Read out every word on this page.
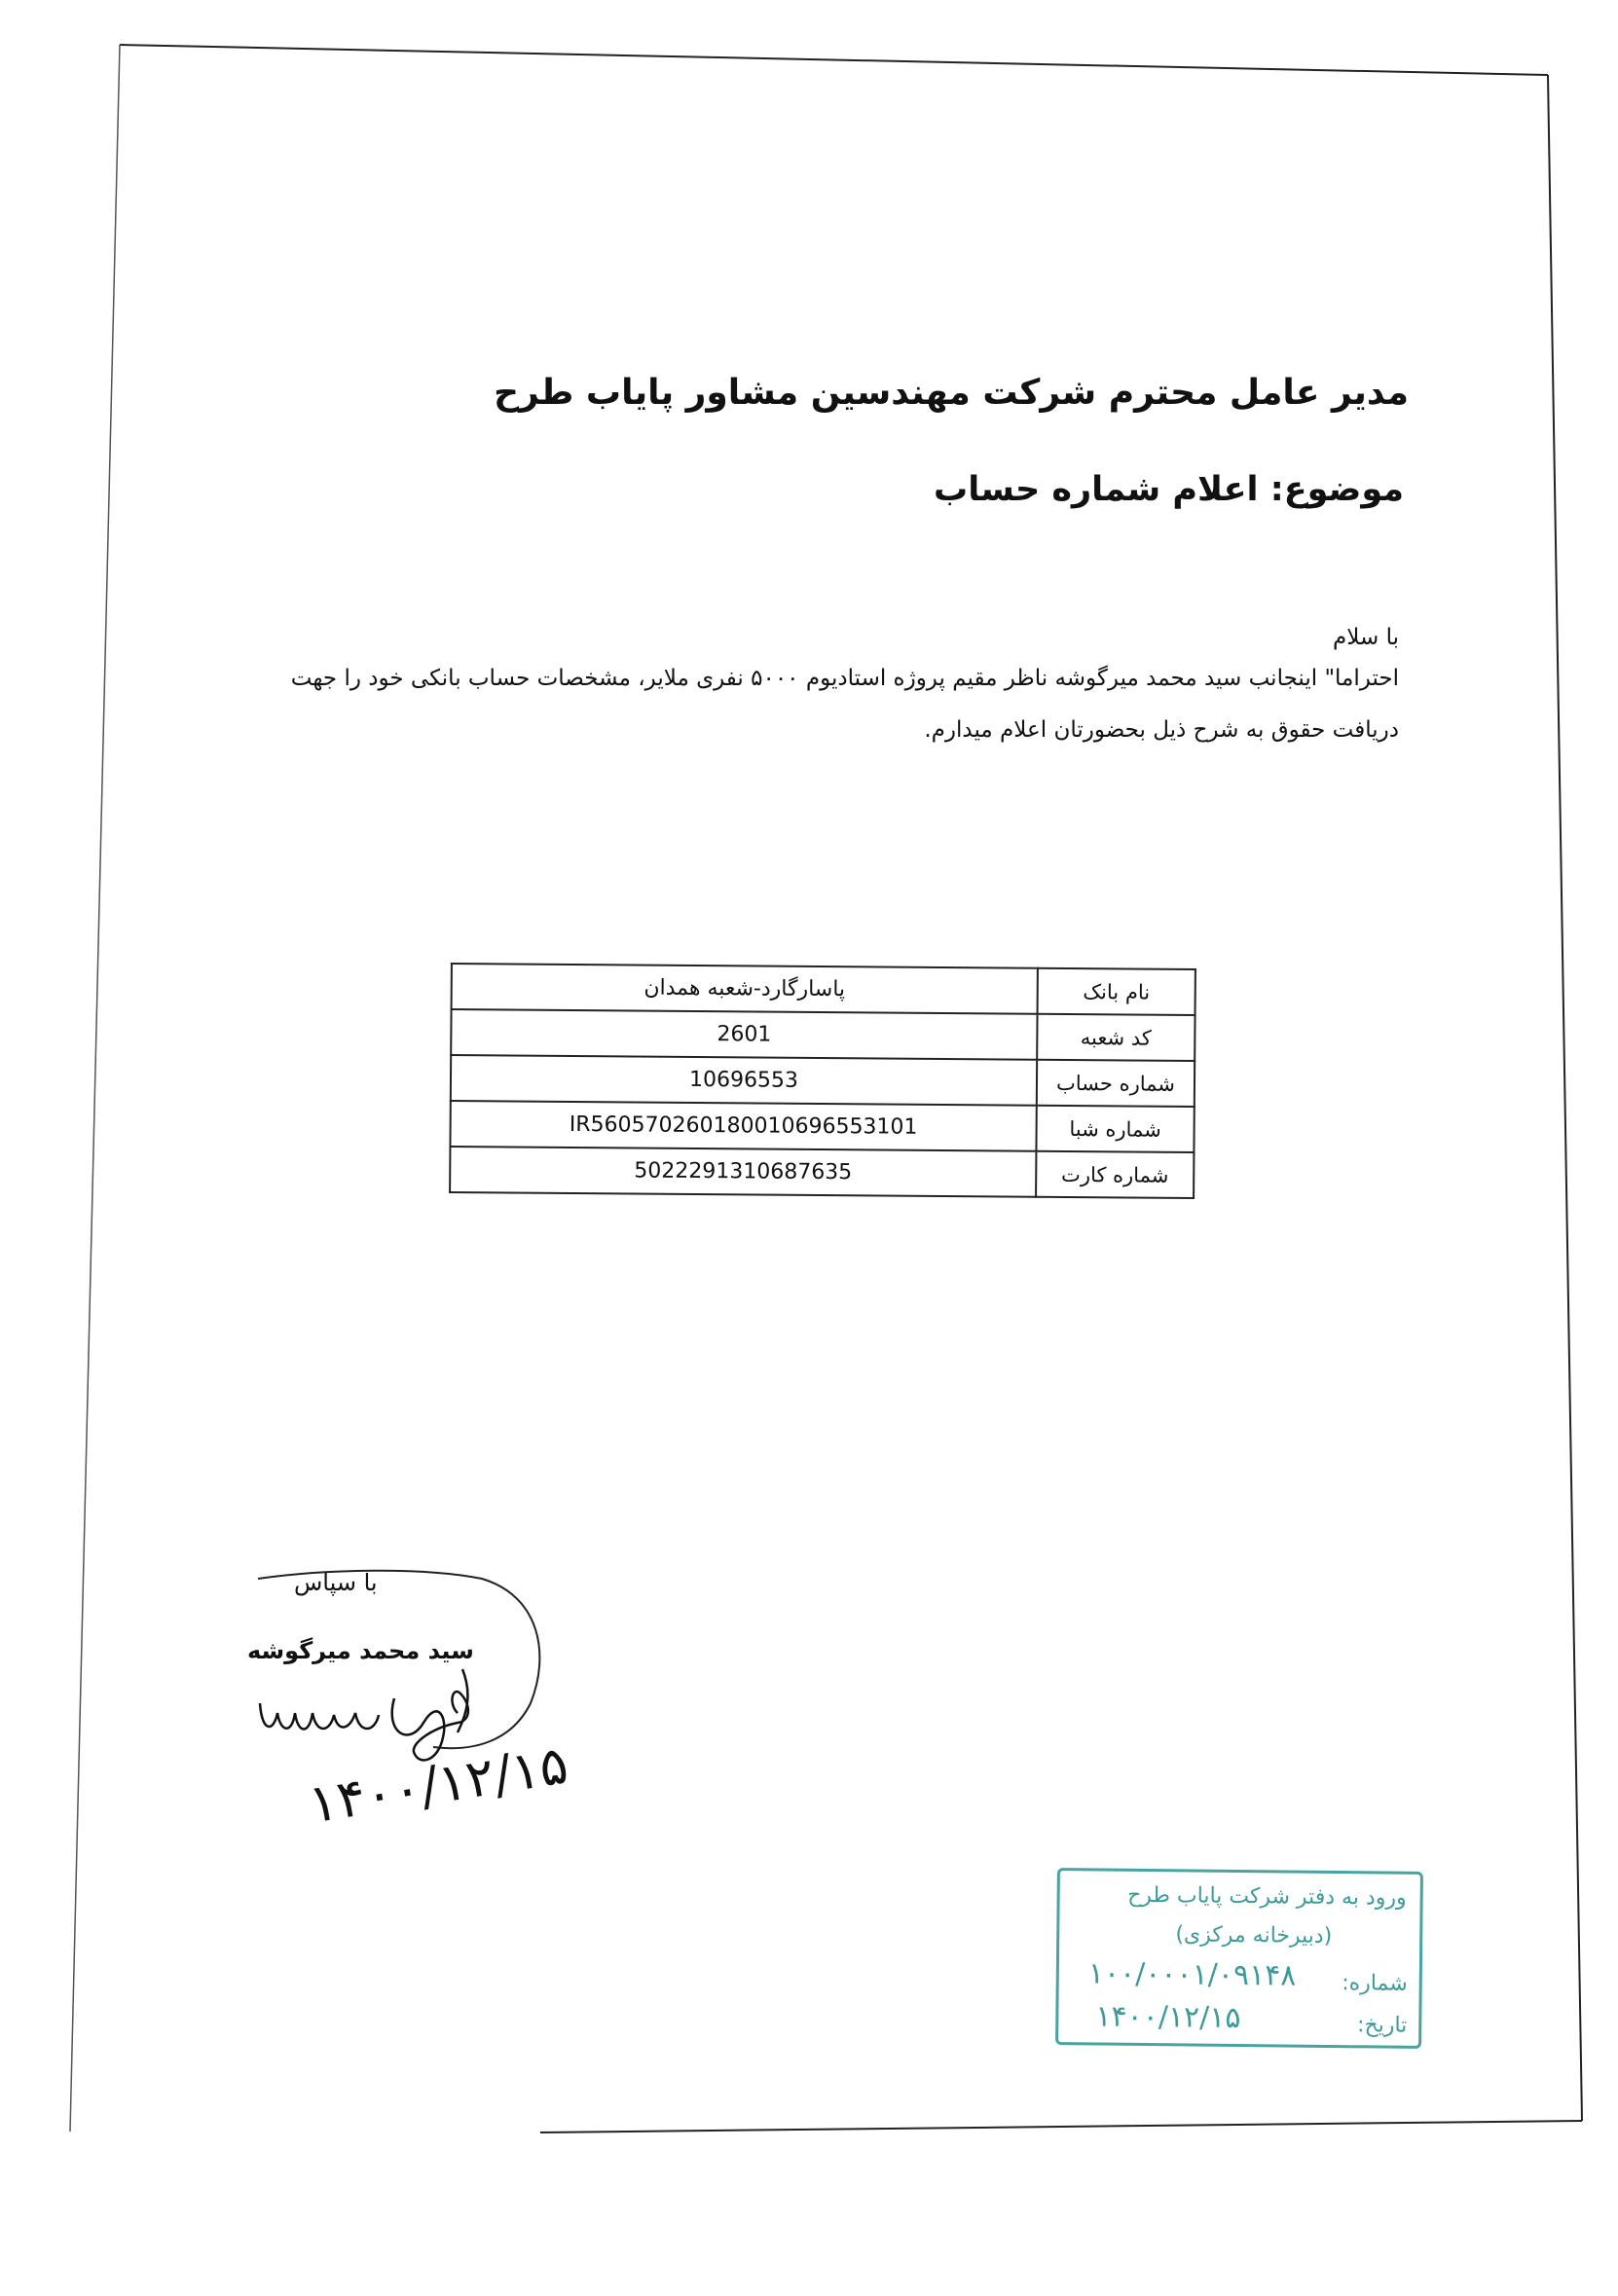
مدیر عامل محترم شرکت مهندسین مشاور پایاب طرح
موضوع: اعلام شماره حساب
با سلام
احتراما" اینجانب سید محمد میرگوشه ناظر مقیم پروژه استادیوم ۵۰۰۰ نفری ملایر، مشخصات حساب بانکی خود را جهت دریافت حقوق به شرح ذیل بحضورتان اعلام میدارم.
نام بانک	پاسارگارد-شعبه همدان
کد شعبه	2601
شماره حساب	10696553
شماره شبا	IR560570260180010696553101
شماره کارت	5022291310687635
با سپاس
سید محمد میرگوشه
۱۴۰۰/۱۲/۱۵
ورود به دفتر شرکت پایاب طرح
(دبیرخانه مرکزی)
شماره:
۱۰۰/۰۰۰۱/۰۹۱۴۸
تاریخ:
۱۴۰۰/۱۲/۱۵
